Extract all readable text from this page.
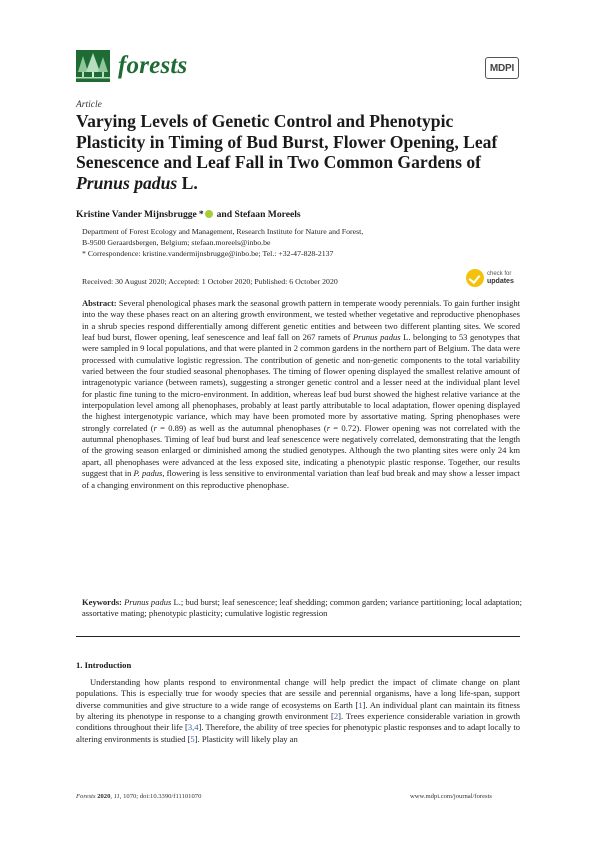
forests	MDPI
Article
Varying Levels of Genetic Control and Phenotypic Plasticity in Timing of Bud Burst, Flower Opening, Leaf Senescence and Leaf Fall in Two Common Gardens of Prunus padus L.
Kristine Vander Mijnsbrugge * and Stefaan Moreels
Department of Forest Ecology and Management, Research Institute for Nature and Forest,
B-9500 Geraardsbergen, Belgium; stefaan.moreels@inbo.be
* Correspondence: kristine.vandermijnsbrugge@inbo.be; Tel.: +32-47-828-2137
Received: 30 August 2020; Accepted: 1 October 2020; Published: 6 October 2020
check for
updates

Abstract: Several phenological phases mark the seasonal growth pattern in temperate woody perennials. To gain further insight into the way these phases react on an altering growth environment, we tested whether vegetative and reproductive phenophases in a shrub species respond differentially among different genetic entities and between two different planting sites. We scored leaf bud burst, flower opening, leaf senescence and leaf fall on 267 ramets of Prunus padus L. belonging to 53 genotypes that were sampled in 9 local populations, and that were planted in 2 common gardens in the northern part of Belgium. The data were processed with cumulative logistic regression. The contribution of genetic and non-genetic components to the total variability varied between the four studied seasonal phenophases. The timing of flower opening displayed the smallest relative amount of intragenotypic variance (between ramets), suggesting a stronger genetic control and a lesser need at the individual plant level for plastic fine tuning to the micro-environment. In addition, whereas leaf bud burst showed the highest relative variance at the interpopulation level among all phenophases, probably at least partly attributable to local adaptation, flower opening displayed the highest intergenotypic variance, which may have been promoted more by assortative mating. Spring phenophases were strongly correlated (r = 0.89) as well as the autumnal phenophases (r = 0.72). Flower opening was not correlated with the autumnal phenophases. Timing of leaf bud burst and leaf senescence were negatively correlated, demonstrating that the length of the growing season enlarged or diminished among the studied genotypes. Although the two planting sites were only 24 km apart, all phenophases were advanced at the less exposed site, indicating a phenotypic plastic response. Together, our results suggest that in P. padus, flowering is less sensitive to environmental variation than leaf bud break and may show a lesser impact of a changing environment on this reproductive phenophase.

Keywords: Prunus padus L.; bud burst; leaf senescence; leaf shedding; common garden; variance partitioning; local adaptation; assortative mating; phenotypic plasticity; cumulative logistic regression

1. Introduction

Understanding how plants respond to environmental change will help predict the impact of climate change on plant populations. This is especially true for woody species that are sessile and perennial organisms, have a long life-span, support diverse communities and give structure to a wide range of ecosystems on Earth [1]. An individual plant can maintain its fitness by altering its phenotype in response to a changing growth environment [2]. Trees experience considerable variation in growth conditions throughout their life [3,4]. Therefore, the ability of tree species for phenotypic plastic responses and to adapt locally to altering environments is studied [5]. Plasticity will likely play an

Forests 2020, 11, 1070; doi:10.3390/f11101070	www.mdpi.com/journal/forests
